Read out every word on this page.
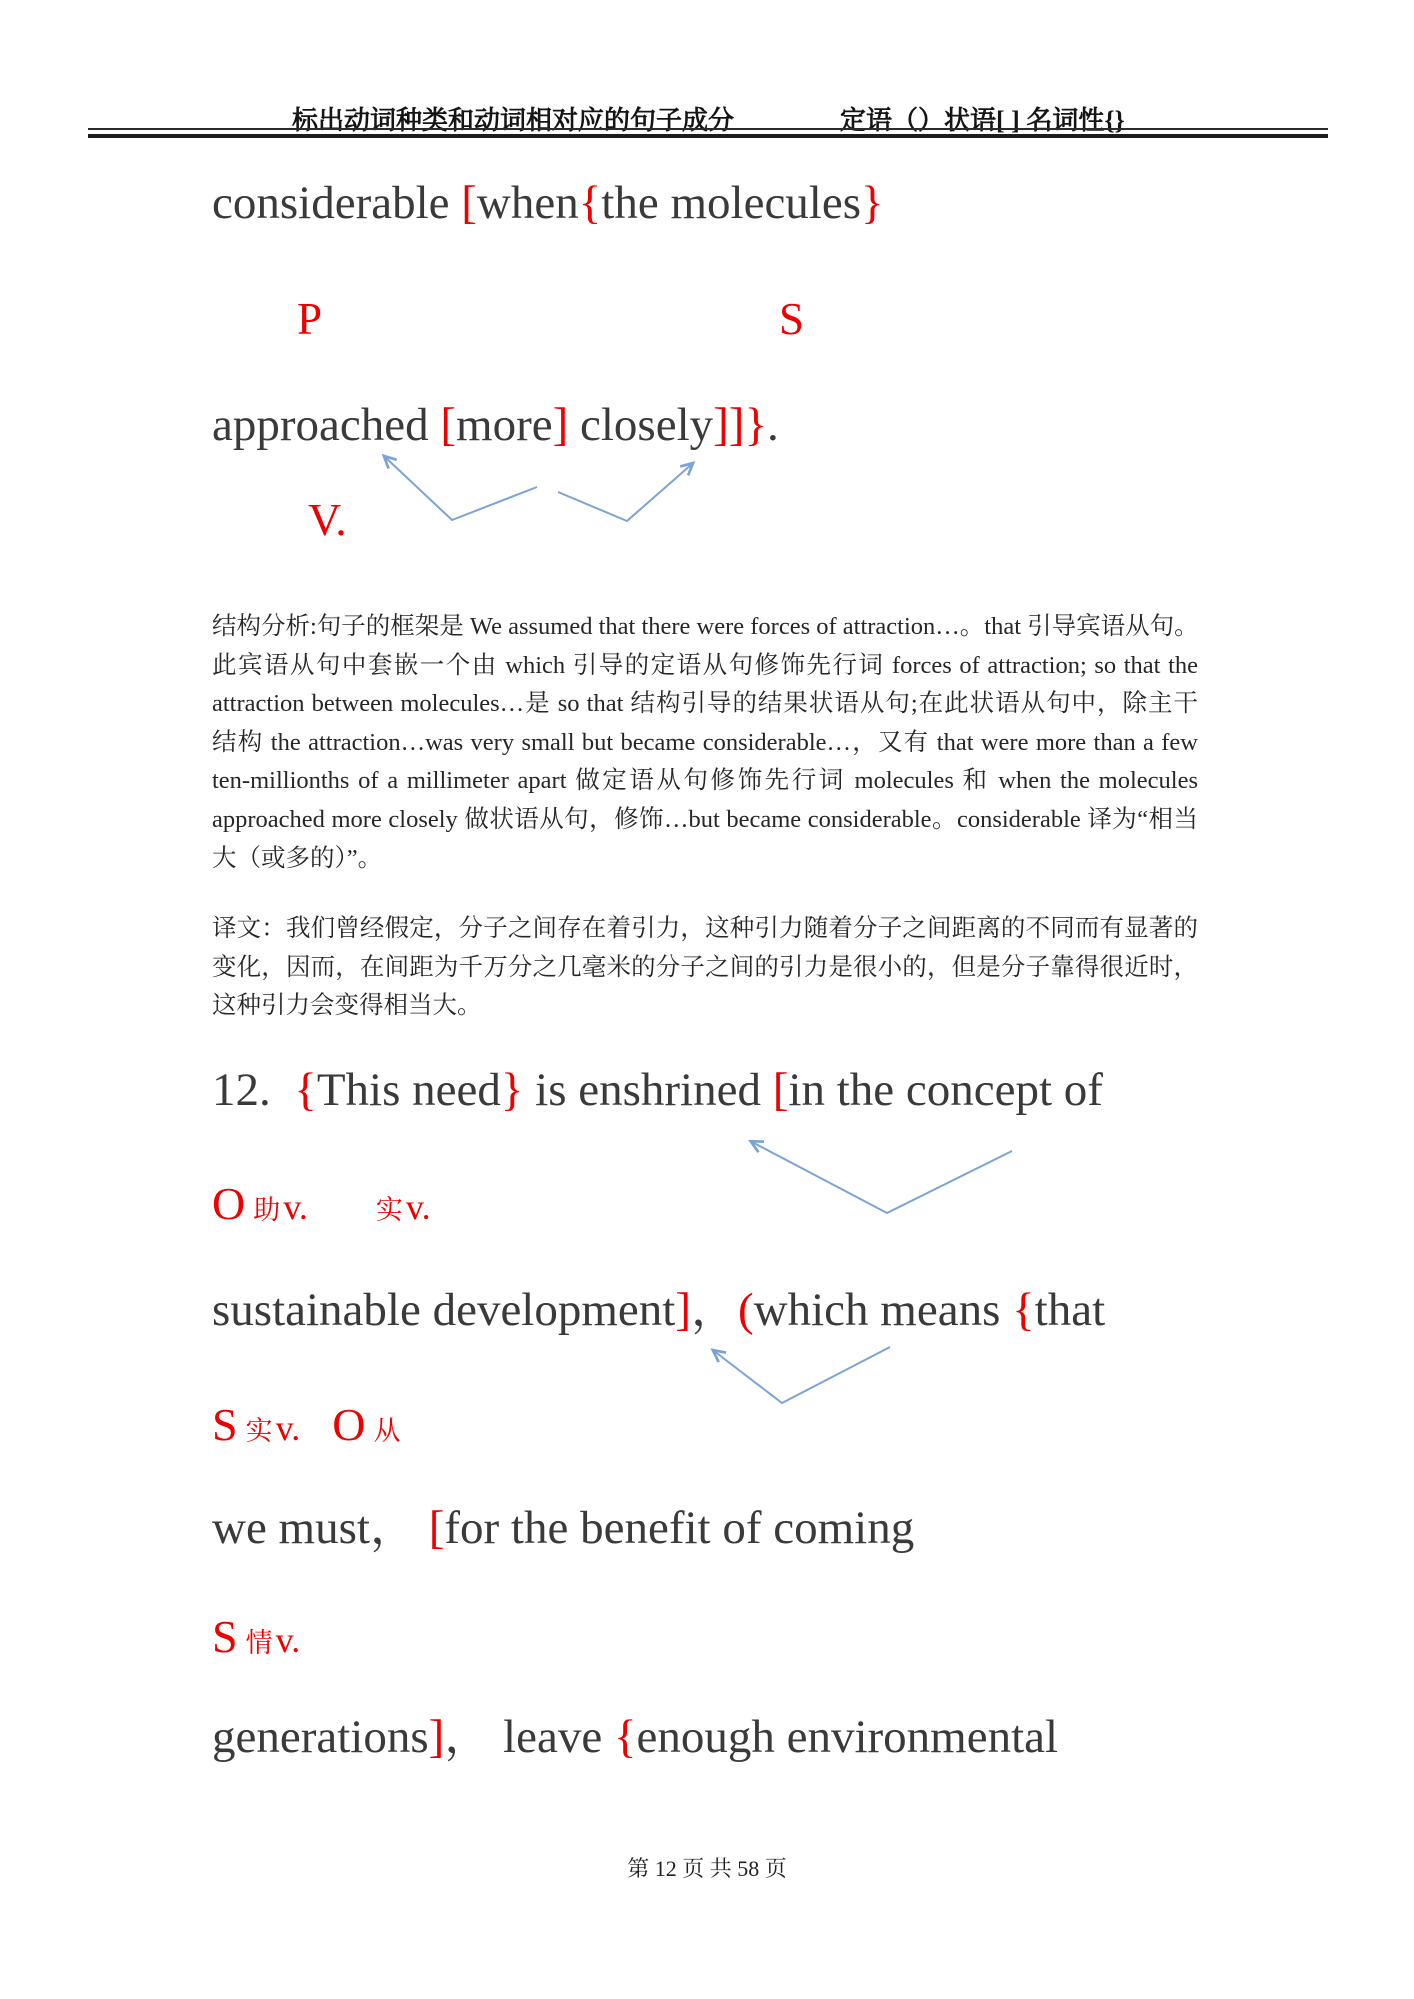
标出动词种类和动词相对应的句子成分	定语（）状语[ ] 名词性{}
considerable [when{the molecules}
P	S
approached [more] closely]]}.
V.
结构分析:句子的框架是 We assumed that there were forces of attraction…。that 引导宾语从句。
此宾语从句中套嵌一个由 which 引导的定语从句修饰先行词 forces of attraction; so that the
attraction between molecules…是 so that 结构引导的结果状语从句;在此状语从句中，除主干
结构 the attraction…was very small but became considerable…，又有 that were more than a few
ten-millionths of a millimeter apart 做定语从句修饰先行词 molecules 和 when the molecules
approached more closely 做状语从句，修饰…but became considerable。considerable 译为“相当
大（或多的）”。
译文：我们曾经假定，分子之间存在着引力，这种引力随着分子之间距离的不同而有显著的
变化，因而，在间距为千万分之几毫米的分子之间的引力是很小的，但是分子靠得很近时，
这种引力会变得相当大。
12.  {This need} is enshrined [in the concept of
O助v.	实v.
sustainable development]，(which means {that
S实v. O 从
we must， [for the benefit of coming
S情v.
generations]， leave {enough environmental
第 12 页 共 58 页
